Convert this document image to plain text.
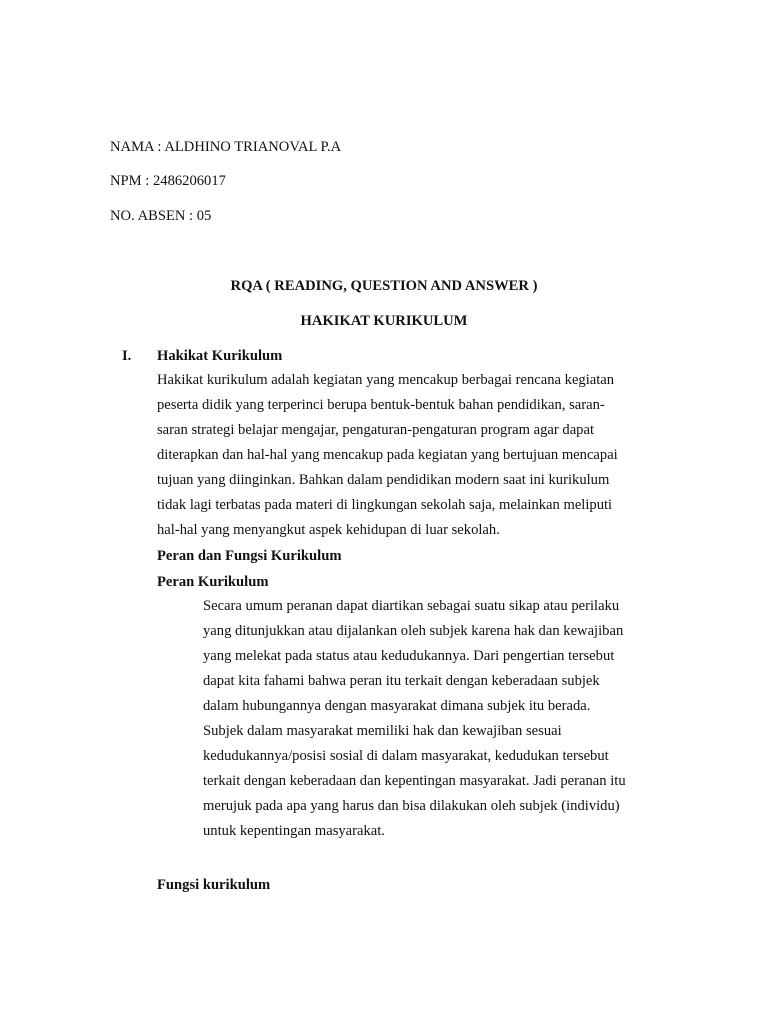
NAMA : ALDHINO TRIANOVAL P.A
NPM : 2486206017
NO. ABSEN : 05
RQA ( READING, QUESTION AND ANSWER )
HAKIKAT KURIKULUM
I. Hakikat Kurikulum
Hakikat kurikulum adalah kegiatan yang mencakup berbagai rencana kegiatan
peserta didik yang terperinci berupa bentuk-bentuk bahan pendidikan, saran-
saran strategi belajar mengajar, pengaturan-pengaturan program agar dapat
diterapkan dan hal-hal yang mencakup pada kegiatan yang bertujuan mencapai
tujuan yang diinginkan. Bahkan dalam pendidikan modern saat ini kurikulum
tidak lagi terbatas pada materi di lingkungan sekolah saja, melainkan meliputi
hal-hal yang menyangkut aspek kehidupan di luar sekolah.
Peran dan Fungsi Kurikulum
Peran Kurikulum
Secara umum peranan dapat diartikan sebagai suatu sikap atau perilaku
yang ditunjukkan atau dijalankan oleh subjek karena hak dan kewajiban
yang melekat pada status atau kedudukannya. Dari pengertian tersebut
dapat kita fahami bahwa peran itu terkait dengan keberadaan subjek
dalam hubungannya dengan masyarakat dimana subjek itu berada.
Subjek dalam masyarakat memiliki hak dan kewajiban sesuai
kedudukannya/posisi sosial di dalam masyarakat, kedudukan tersebut
terkait dengan keberadaan dan kepentingan masyarakat. Jadi peranan itu
merujuk pada apa yang harus dan bisa dilakukan oleh subjek (individu)
untuk kepentingan masyarakat.
Fungsi kurikulum
